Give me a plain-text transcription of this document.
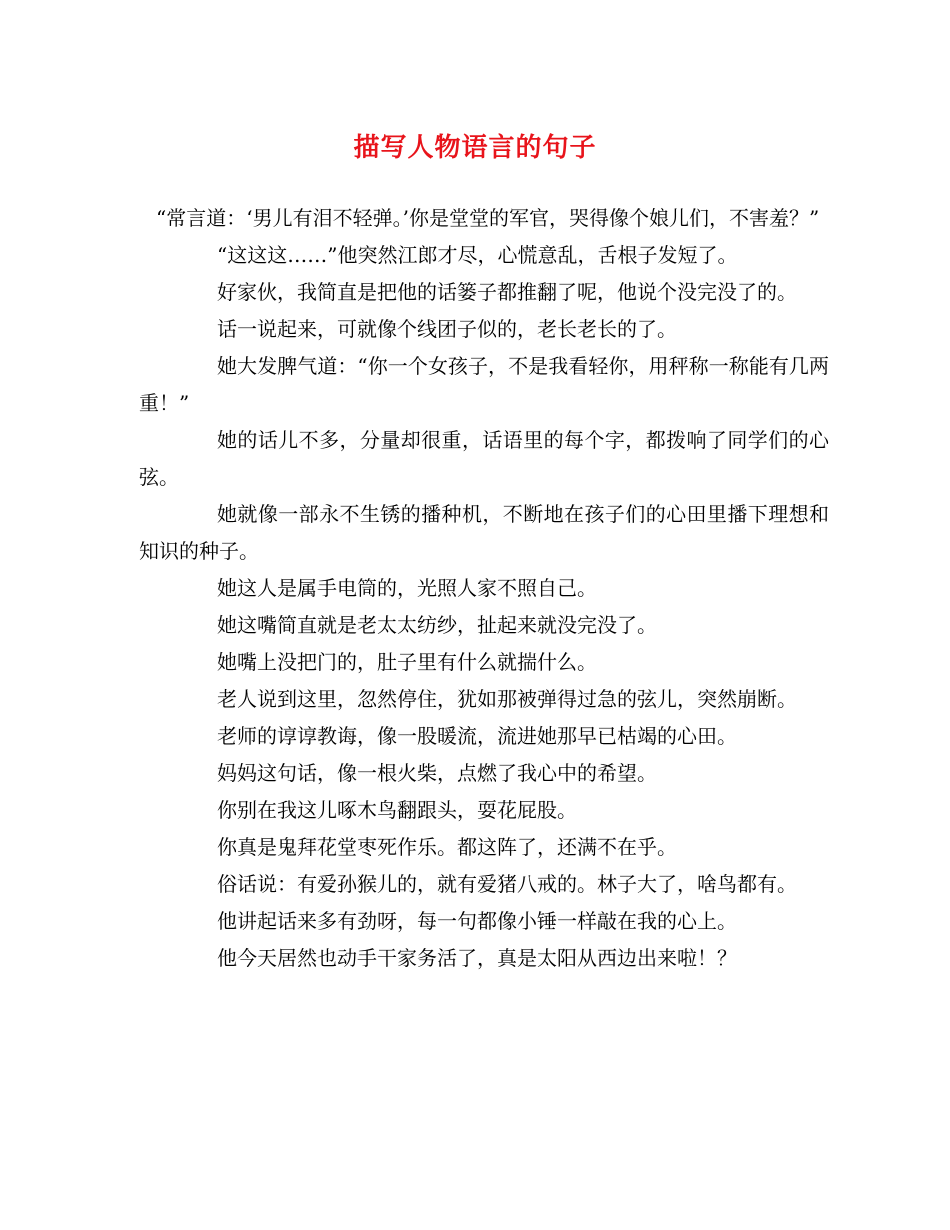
描写人物语言的句子

“常言道：‘男儿有泪不轻弹。’你是堂堂的军官，哭得像个娘儿们，不害羞？”

“这这这……”他突然江郎才尽，心慌意乱，舌根子发短了。

好家伙，我简直是把他的话篓子都推翻了呢，他说个没完没了的。

话一说起来，可就像个线团子似的，老长老长的了。

她大发脾气道：“你一个女孩子，不是我看轻你，用秤称一称能有几两重！”

她的话儿不多，分量却很重，话语里的每个字，都拨响了同学们的心弦。

她就像一部永不生锈的播种机，不断地在孩子们的心田里播下理想和知识的种子。

她这人是属手电筒的，光照人家不照自己。

她这嘴简直就是老太太纺纱，扯起来就没完没了。

她嘴上没把门的，肚子里有什么就揣什么。

老人说到这里，忽然停住，犹如那被弹得过急的弦儿，突然崩断。

老师的谆谆教诲，像一股暖流，流进她那早已枯竭的心田。

妈妈这句话，像一根火柴，点燃了我心中的希望。

你别在我这儿啄木鸟翻跟头，耍花屁股。

你真是鬼拜花堂枣死作乐。都这阵了，还满不在乎。

俗话说：有爱孙猴儿的，就有爱猪八戒的。林子大了，啥鸟都有。

他讲起话来多有劲呀，每一句都像小锤一样敲在我的心上。

他今天居然也动手干家务活了，真是太阳从西边出来啦！？
